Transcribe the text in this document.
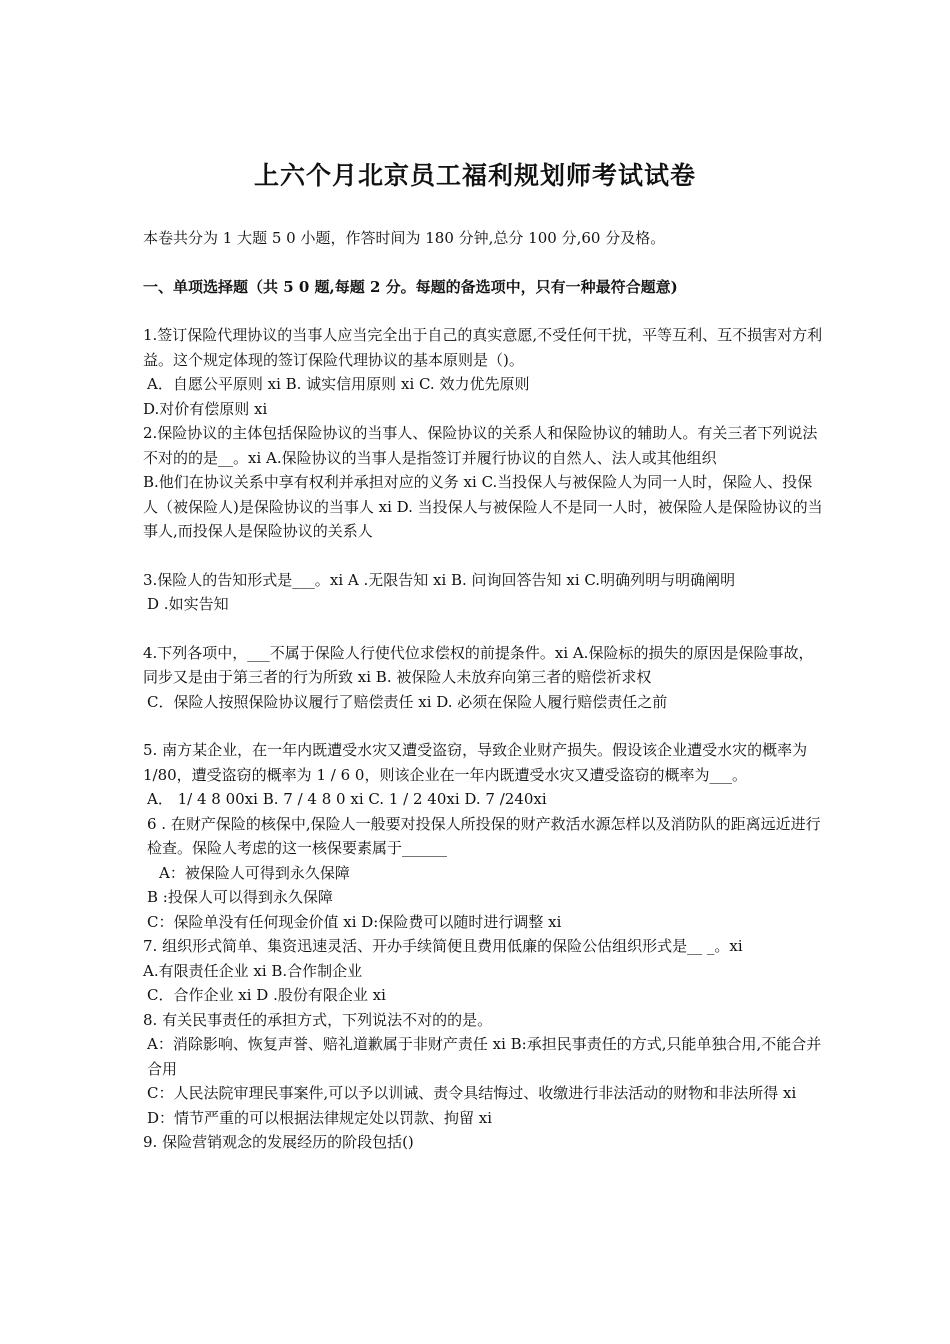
上六个月北京员工福利规划师考试试卷

本卷共分为 1 大题 5 0 小题，作答时间为 180 分钟,总分 100 分,60 分及格。

一、单项选择题（共 5 0 题,每题 2 分。每题的备选项中，只有一种最符合题意)

1.签订保险代理协议的当事人应当完全出于自己的真实意愿,不受任何干扰，平等互利、互不损害对方利益。这个规定体现的签订保险代理协议的基本原则是（)。

A．自愿公平原则 ⅺ B. 诚实信用原则 ⅺ C. 效力优先原则

D.对价有偿原则 ⅺ

2.保险协议的主体包括保险协议的当事人、保险协议的关系人和保险协议的辅助人。有关三者下列说法不对的的是__。ⅺ A.保险协议的当事人是指签订并履行协议的自然人、法人或其他组织

B.他们在协议关系中享有权利并承担对应的义务 ⅺ C.当投保人与被保险人为同一人时，保险人、投保人（被保险人)是保险协议的当事人 ⅺ D. 当投保人与被保险人不是同一人时，被保险人是保险协议的当事人,而投保人是保险协议的关系人

3.保险人的告知形式是___。ⅺ A .无限告知 ⅺ B. 问询回答告知 ⅺ C.明确列明与明确阐明

D .如实告知

4.下列各项中，___不属于保险人行使代位求偿权的前提条件。ⅺ A.保险标的损失的原因是保险事故，同步又是由于第三者的行为所致 ⅺ B. 被保险人未放弃向第三者的赔偿祈求权

C．保险人按照保险协议履行了赔偿责任 ⅺ D. 必须在保险人履行赔偿责任之前

5. 南方某企业，在一年内既遭受水灾又遭受盗窃，导致企业财产损失。假设该企业遭受水灾的概率为 1/80，遭受盗窃的概率为 1 / 6 0，则该企业在一年内既遭受水灾又遭受盗窃的概率为___。

A． 1/ 4 8 00ⅺ B. 7 / 4 8 0 ⅺ C. 1 / 2 40ⅺ D. 7 /240ⅺ

6 . 在财产保险的核保中,保险人一般要对投保人所投保的财产救活水源怎样以及消防队的距离远近进行检查。保险人考虑的这一核保要素属于______

A：被保险人可得到永久保障

B :投保人可以得到永久保障

C：保险单没有任何现金价值 ⅺ D:保险费可以随时进行调整 ⅺ

7. 组织形式简单、集资迅速灵活、开办手续简便且费用低廉的保险公估组织形式是__ _。ⅺ

A.有限责任企业 ⅺ B.合作制企业

C．合作企业 ⅺ D .股份有限企业 ⅺ

8. 有关民事责任的承担方式，下列说法不对的的是。

A：消除影响、恢复声誉、赔礼道歉属于非财产责任 ⅺ B:承担民事责任的方式,只能单独合用,不能合并合用

C：人民法院审理民事案件,可以予以训诫、责令具结悔过、收缴进行非法活动的财物和非法所得 ⅺ D：情节严重的可以根据法律规定处以罚款、拘留 ⅺ

9. 保险营销观念的发展经历的阶段包括()
